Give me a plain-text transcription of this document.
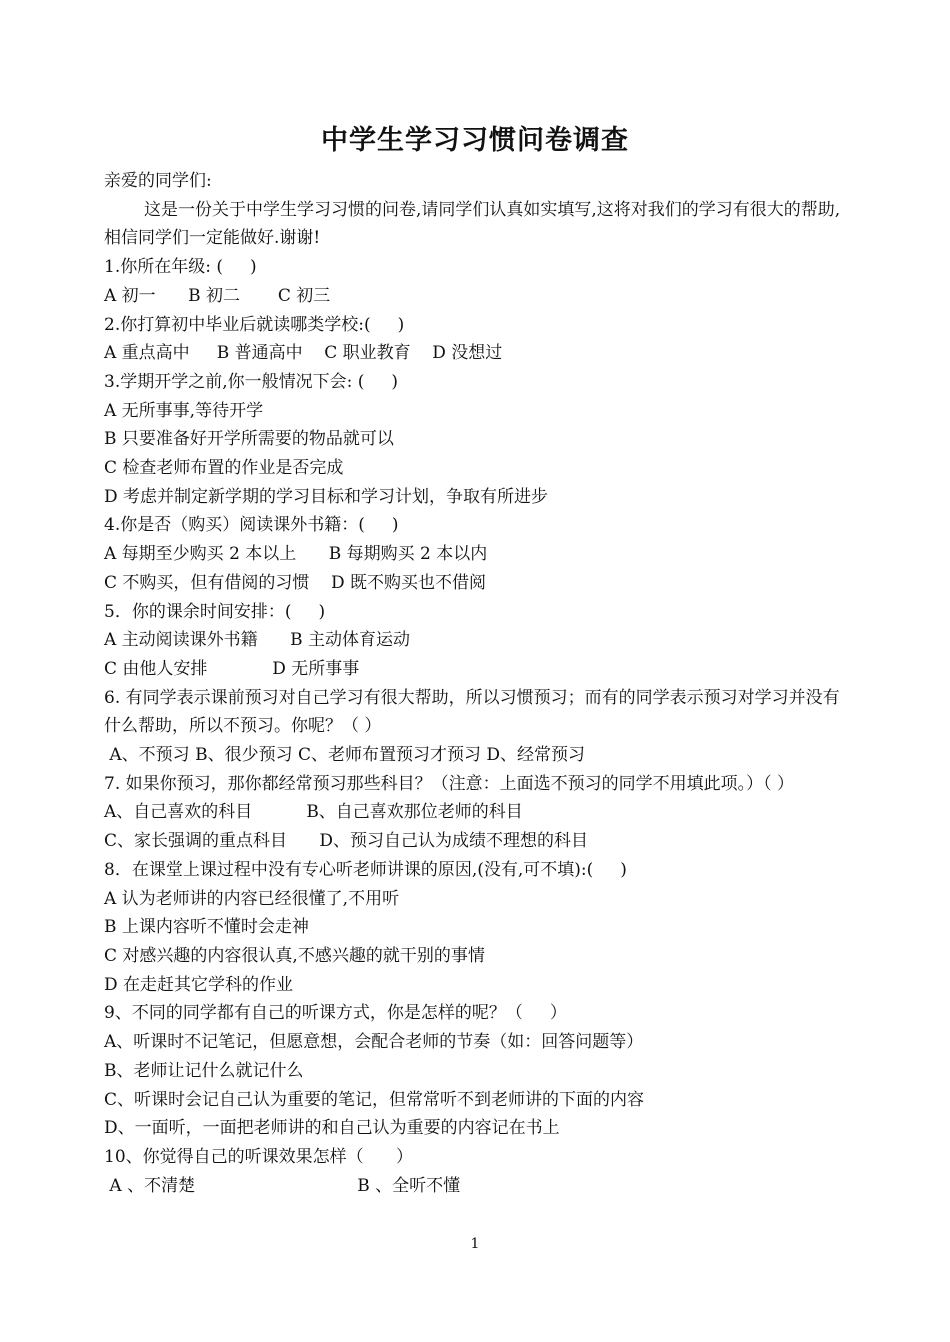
中学生学习习惯问卷调查
亲爱的同学们:
这是一份关于中学生学习习惯的问卷,请同学们认真如实填写,这将对我们的学习有很大的帮助,相信同学们一定能做好.谢谢!
1.你所在年级: (     )
A 初一      B 初二       C 初三
2.你打算初中毕业后就读哪类学校:(     )
A 重点高中     B 普通高中    C 职业教育    D 没想过
3.学期开学之前,你一般情况下会: (     )
A 无所事事,等待开学
B 只要准备好开学所需要的物品就可以
C 检查老师布置的作业是否完成
D 考虑并制定新学期的学习目标和学习计划，争取有所进步
4.你是否（购买）阅读课外书籍：(     )
A 每期至少购买 2 本以上      B 每期购买 2 本以内
C 不购买，但有借阅的习惯    D 既不购买也不借阅
5．你的课余时间安排：(     )
A 主动阅读课外书籍      B 主动体育运动
C 由他人安排            D 无所事事
6. 有同学表示课前预习对自己学习有很大帮助，所以习惯预习；而有的同学表示预习对学习并没有什么帮助，所以不预习。你呢？（ ）
A、不预习 B、很少预习 C、老师布置预习才预习 D、经常预习
7. 如果你预习，那你都经常预习那些科目？（注意：上面选不预习的同学不用填此项。）（ ）
A、自己喜欢的科目          B、自己喜欢那位老师的科目
C、家长强调的重点科目      D、预习自己认为成绩不理想的科目
8．在课堂上课过程中没有专心听老师讲课的原因,(没有,可不填):(     )
A 认为老师讲的内容已经很懂了,不用听
B 上课内容听不懂时会走神
C 对感兴趣的内容很认真,不感兴趣的就干别的事情
D 在走赶其它学科的作业
9、不同的同学都有自己的听课方式，你是怎样的呢？（     ）
A、听课时不记笔记，但愿意想，会配合老师的节奏（如：回答问题等）
B、老师让记什么就记什么
C、听课时会记自己认为重要的笔记，但常常听不到老师讲的下面的内容
D、一面听，一面把老师讲的和自己认为重要的内容记在书上
10、你觉得自己的听课效果怎样（      ）
A 、不清楚                              B 、全听不懂
1
